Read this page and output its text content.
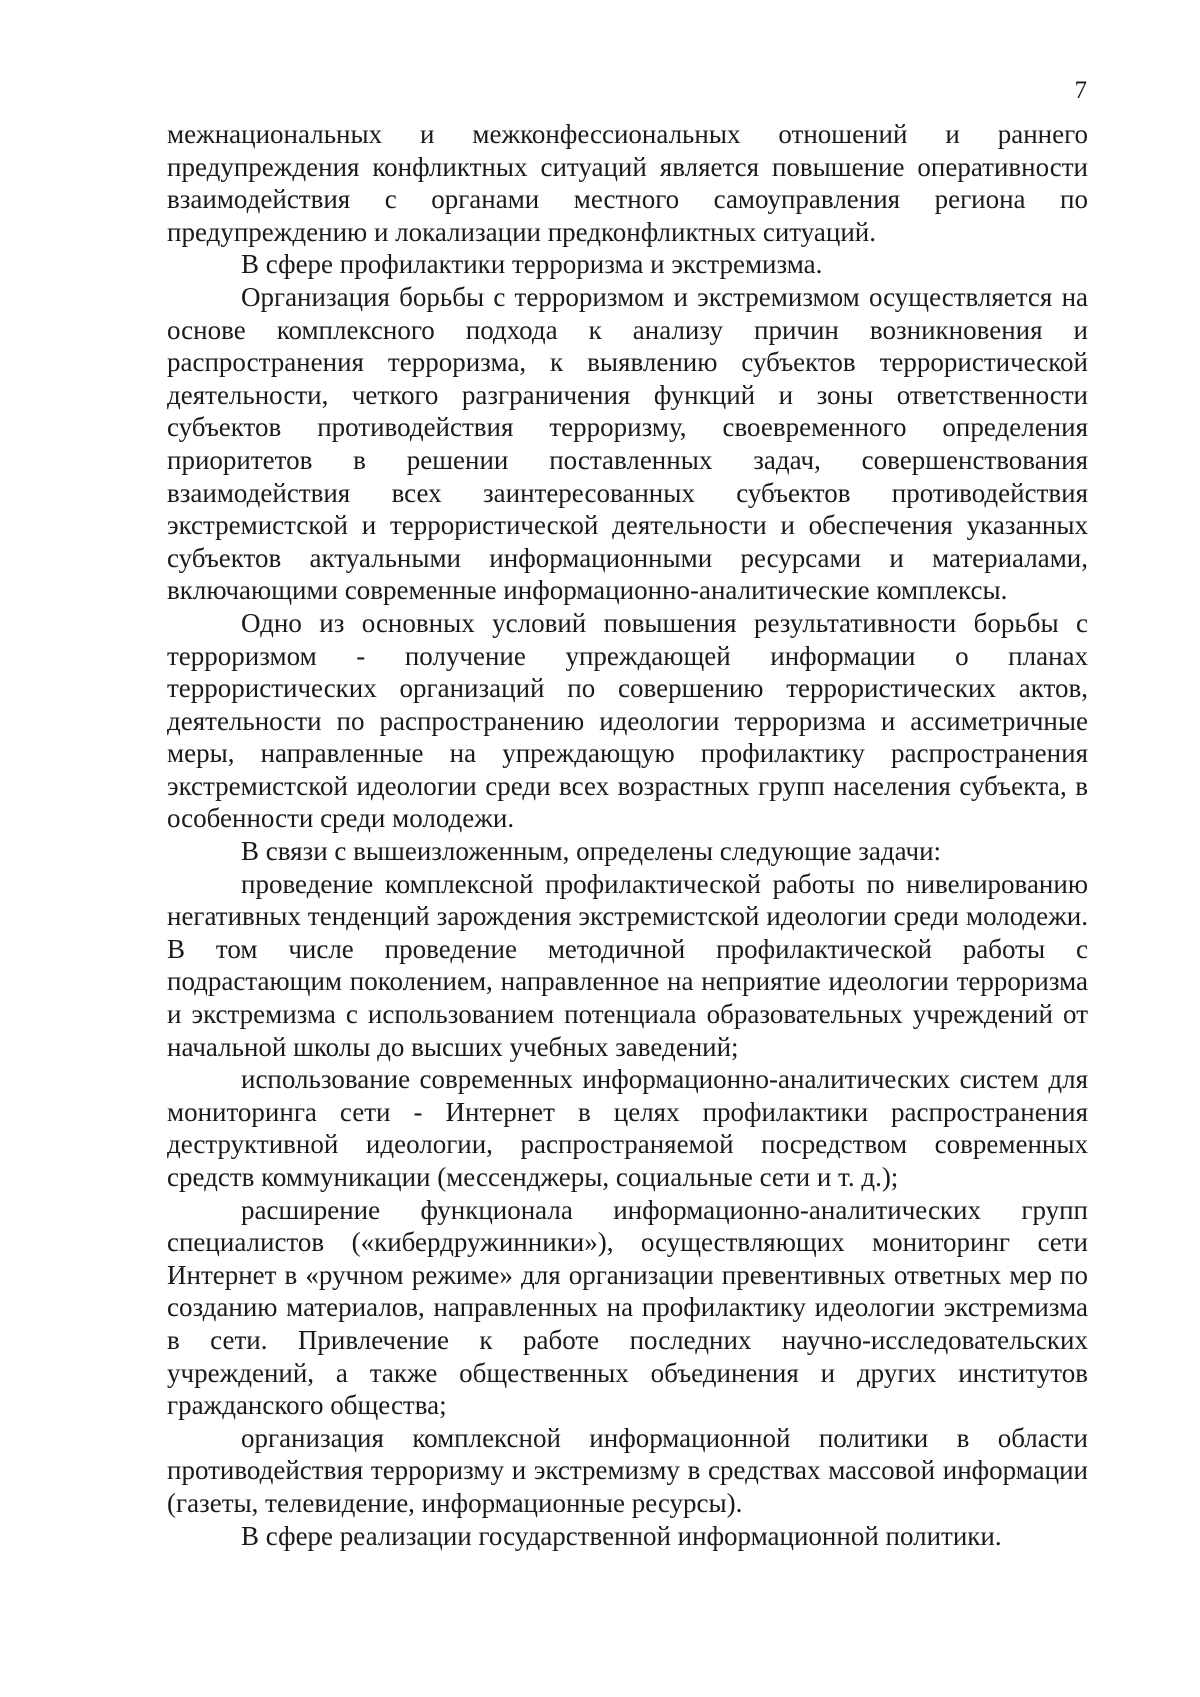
7

межнациональных и межконфессиональных отношений и раннего предупреждения конфликтных ситуаций является повышение оперативности взаимодействия с органами местного самоуправления региона по предупреждению и локализации предконфликтных ситуаций.

В сфере профилактики терроризма и экстремизма.

Организация борьбы с терроризмом и экстремизмом осуществляется на основе комплексного подхода к анализу причин возникновения и распространения терроризма, к выявлению субъектов террористической деятельности, четкого разграничения функций и зоны ответственности субъектов противодействия терроризму, своевременного определения приоритетов в решении поставленных задач, совершенствования взаимодействия всех заинтересованных субъектов противодействия экстремистской и террористической деятельности и обеспечения указанных субъектов актуальными информационными ресурсами и материалами, включающими современные информационно-аналитические комплексы.

Одно из основных условий повышения результативности борьбы с терроризмом - получение упреждающей информации о планах террористических организаций по совершению террористических актов, деятельности по распространению идеологии терроризма и ассиметричные меры, направленные на упреждающую профилактику распространения экстремистской идеологии среди всех возрастных групп населения субъекта, в особенности среди молодежи.

В связи с вышеизложенным, определены следующие задачи:

проведение комплексной профилактической работы по нивелированию негативных тенденций зарождения экстремистской идеологии среди молодежи. В том числе проведение методичной профилактической работы с подрастающим поколением, направленное на неприятие идеологии терроризма и экстремизма с использованием потенциала образовательных учреждений от начальной школы до высших учебных заведений;

использование современных информационно-аналитических систем для мониторинга сети - Интернет в целях профилактики распространения деструктивной идеологии, распространяемой посредством современных средств коммуникации (мессенджеры, социальные сети и т. д.);

расширение функционала информационно-аналитических групп специалистов («кибердружинники»), осуществляющих мониторинг сети Интернет в «ручном режиме» для организации превентивных ответных мер по созданию материалов, направленных на профилактику идеологии экстремизма в сети. Привлечение к работе последних научно-исследовательских учреждений, а также общественных объединения и других институтов гражданского общества;

организация комплексной информационной политики в области противодействия терроризму и экстремизму в средствах массовой информации (газеты, телевидение, информационные ресурсы).

В сфере реализации государственной информационной политики.
